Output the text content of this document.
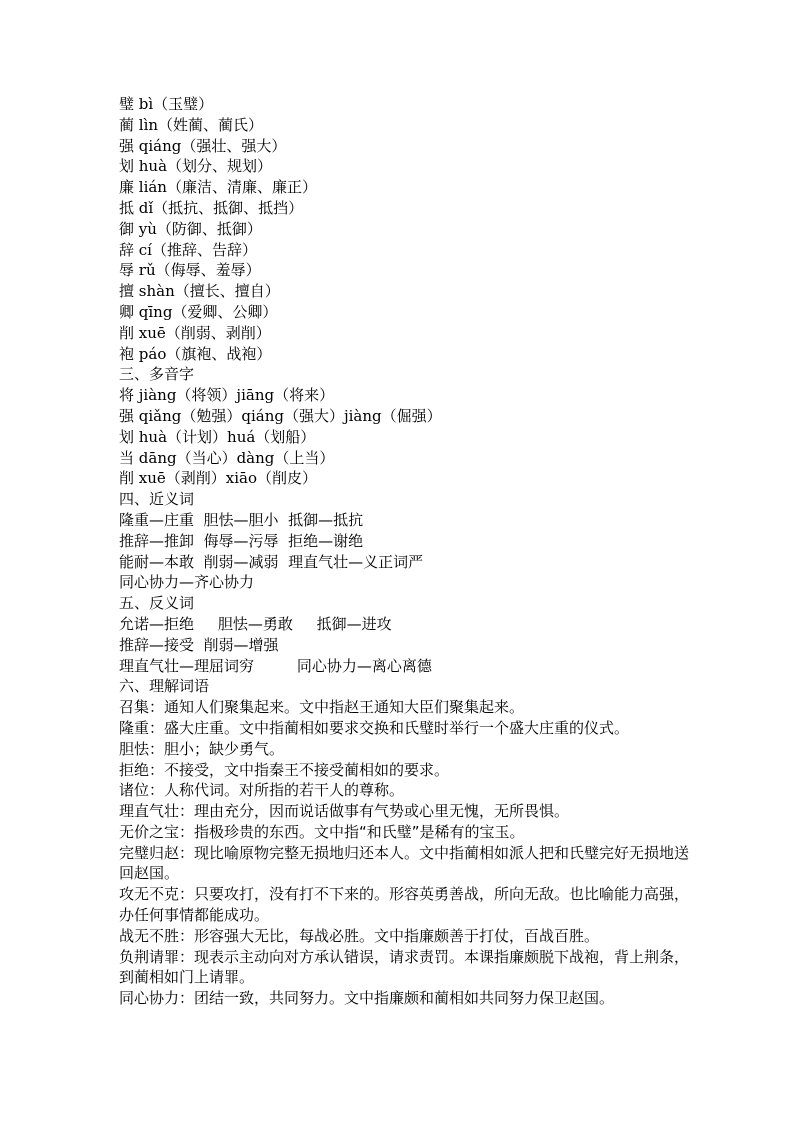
璧 bì（玉璧）
蔺 lìn（姓蔺、蔺氏）
强 qiáng（强壮、强大）
划 huà（划分、规划）
廉 lián（廉洁、清廉、廉正）
抵 dǐ（抵抗、抵御、抵挡）
御 yù（防御、抵御）
辞 cí（推辞、告辞）
辱 rǔ（侮辱、羞辱）
擅 shàn（擅长、擅自）
卿 qīng（爱卿、公卿）
削 xuē（削弱、剥削）
袍 páo（旗袍、战袍）
三、多音字
将 jiàng（将领）jiāng（将来）
强 qiǎng（勉强）qiáng（强大）jiàng（倔强）
划 huà（计划）huá（划船）
当 dāng（当心）dàng（上当）
削 xuē（剥削）xiāo（削皮）
四、近义词
隆重—庄重  胆怯—胆小  抵御—抵抗
推辞—推卸  侮辱—污辱  拒绝—谢绝
能耐—本敢  削弱—减弱  理直气壮—义正词严
同心协力—齐心协力
五、反义词
允诺—拒绝     胆怯—勇敢     抵御—进攻
推辞—接受  削弱—增强
理直气壮—理屈词穷         同心协力—离心离德
六、理解词语
召集：通知人们聚集起来。文中指赵王通知大臣们聚集起来。
隆重：盛大庄重。文中指蔺相如要求交换和氏璧时举行一个盛大庄重的仪式。
胆怯：胆小；缺少勇气。
拒绝：不接受，文中指秦王不接受蔺相如的要求。
诸位：人称代词。对所指的若干人的尊称。
理直气壮：理由充分，因而说话做事有气势或心里无愧，无所畏惧。
无价之宝：指极珍贵的东西。文中指“和氏璧”是稀有的宝玉。
完璧归赵：现比喻原物完整无损地归还本人。文中指蔺相如派人把和氏璧完好无损地送回赵国。
攻无不克：只要攻打，没有打不下来的。形容英勇善战，所向无敌。也比喻能力高强，办任何事情都能成功。
战无不胜：形容强大无比，每战必胜。文中指廉颇善于打仗，百战百胜。
负荆请罪：现表示主动向对方承认错误，请求责罚。本课指廉颇脱下战袍，背上荆条，到蔺相如门上请罪。
同心协力：团结一致，共同努力。文中指廉颇和蔺相如共同努力保卫赵国。
